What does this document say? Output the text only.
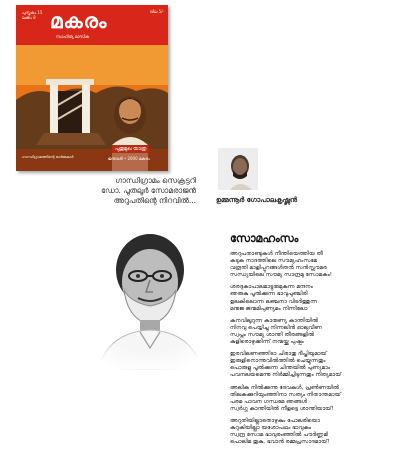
പുസ്തകം 15 ലക്കം 8 മകരം	വില 5/-
സാഹിത്യ മാസിക
പുതുമുഖ യാത്ര
ജനുവരി • 2000 മകരം
ഗാന്ധിഗ്രാമത്തിന്റെ ഓർമ്മകൾ
ഗാന്ധിഗ്രാമം സെക്രട്ടറി
ഡോ. പൂതലൂർ സോമരാജൻ
അറുപതിന്റെ നിറവിൽ...	ഉമ്മന്നൂർ ഗോപാലകൃഷ്ണൻ
സോമഹംസം
അറുപതാണ്ടുകൾ നീന്തിയെത്തിയ തീ
കടുക നാദത്തിലെ സൗമ്യഹംസമേ
വരൂതി മാളിപ്പുറങ്ങൾതൻ സൻസ്സൗമര
സന്ധ്യയിലെ സൗമ്യ സാന്ദ്രമു സോമകം!
ശരദുകാപാലമാട്ടുരുമുകുന്ന മന്ദനം
ഞരുകു പൂൽക്കുന്ന ഭാവുപുഞ്ചിരി
ഉലകിലൊന്ന ലഞ്ചനാ വിടർത്തുന്ന
മനുജ ജന്മമിപുണ്യമം നിന്നിലോ
കനവിലൂറുന്ന കാരുണ്യ കാന്തിയിൽ
നിനവു പെയ്യിച്ചു നിന്നലിൻ ഓലുവീണ
സ്വപ്നം സൗമ്യ ശാന്തി തീരങ്ങളിൽ
കുളിരൊഴുക്കിന്ന് നന്മയ്ക്കു പുഷ്പം
ഇരവിലണഞ്ഞിടാ ചിരാതു ദീപ്തിയുമായ്
ഇരുളിനൊന്നുവിൽത്തിൽ ചെയ്യുന്നതും
പൊരുളു പൂൽക്കുന്ന ചിന്തയിൽ പുണ്യമാം
പവനലയമെന്നു നിർമ്മിച്ചിടുന്നതും നിത്യമായ്
അലിക നിൽക്കുന്നു ദേവകൾ, പ്രൺണയിൽ
തിലകക്കുറിയുംഞ്ഞിനാ സത്യം നിതാന്തമായ്
പരമ പാവന ഗന്ധമേ ഞങ്ങൾ
സ്വര്‍ഗ്ഗ കാന്തിയിൽ നീളട്ടെ ശാന്തിയായ്!
അറുതിയില്ലാതൊഴുകും പോലരിയൊ
കുറുകിയില്ലാ യശോപഥം ഭാവുകം
സ്വന്ദ്ര സോമ ഭാവുരംഞ്ഞിൽ പൗർണ്ണമി
പൊലിമ തുകു, ഭവാൻ രമ്മപ്രസാദമായ്!
